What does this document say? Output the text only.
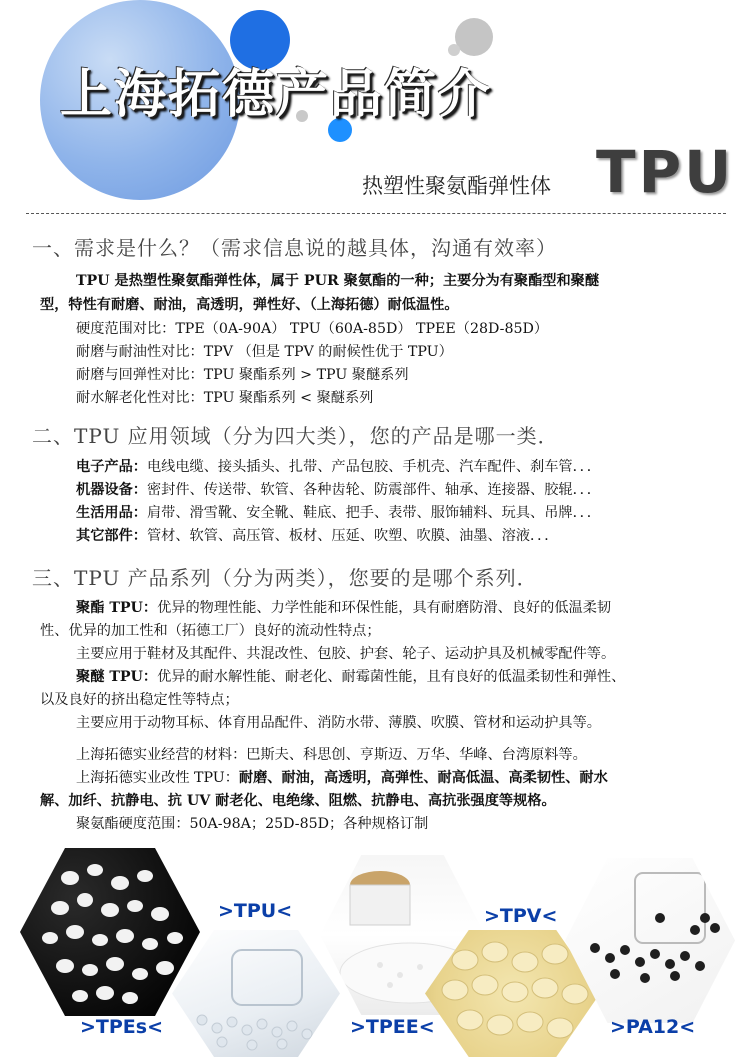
上海拓德产品简介
热塑性聚氨酯弹性体 TPU
一、需求是什么？（需求信息说的越具体，沟通有效率）
TPU 是热塑性聚氨酯弹性体，属于 PUR 聚氨酯的一种；主要分为有聚酯型和聚醚
型，特性有耐磨、耐油，高透明，弹性好、（上海拓德）耐低温性。
硬度范围对比：TPE（0A-90A） TPU（60A-85D） TPEE（28D-85D）
耐磨与耐油性对比：TPV （但是 TPV 的耐候性优于 TPU）
耐磨与回弹性对比：TPU 聚酯系列 > TPU 聚醚系列
耐水解老化性对比：TPU 聚酯系列 < 聚醚系列
二、TPU 应用领域（分为四大类），您的产品是哪一类．
电子产品：电线电缆、接头插头、扎带、产品包胶、手机壳、汽车配件、刹车管．．．
机器设备：密封件、传送带、软管、各种齿轮、防震部件、轴承、连接器、胶辊．．．
生活用品：肩带、滑雪靴、安全靴、鞋底、把手、表带、服饰辅料、玩具、吊牌．．．
其它部件：管材、软管、高压管、板材、压延、吹塑、吹膜、油墨、溶液．．．
三、TPU 产品系列（分为两类），您要的是哪个系列．
聚酯 TPU：优异的物理性能、力学性能和环保性能，具有耐磨防滑、良好的低温柔韧
性、优异的加工性和（拓德工厂）良好的流动性特点；
主要应用于鞋材及其配件、共混改性、包胶、护套、轮子、运动护具及机械零配件等。
聚醚 TPU：优异的耐水解性能、耐老化、耐霉菌性能，且有良好的低温柔韧性和弹性、
以及良好的挤出稳定性等特点；
主要应用于动物耳标、体育用品配件、消防水带、薄膜、吹膜、管材和运动护具等。
上海拓德实业经营的材料：巴斯夫、科思创、亨斯迈、万华、华峰、台湾原料等。
上海拓德实业改性 TPU：耐磨、耐油，高透明，高弹性、耐高低温、高柔韧性、耐水
解、加纤、抗静电、抗 UV 耐老化、电绝缘、阻燃、抗静电、高抗张强度等规格。
聚氨酯硬度范围：50A-98A；25D-85D；各种规格订制
>TPU<	>TPV<
>TPEs<	>TPEE<	>PA12<
